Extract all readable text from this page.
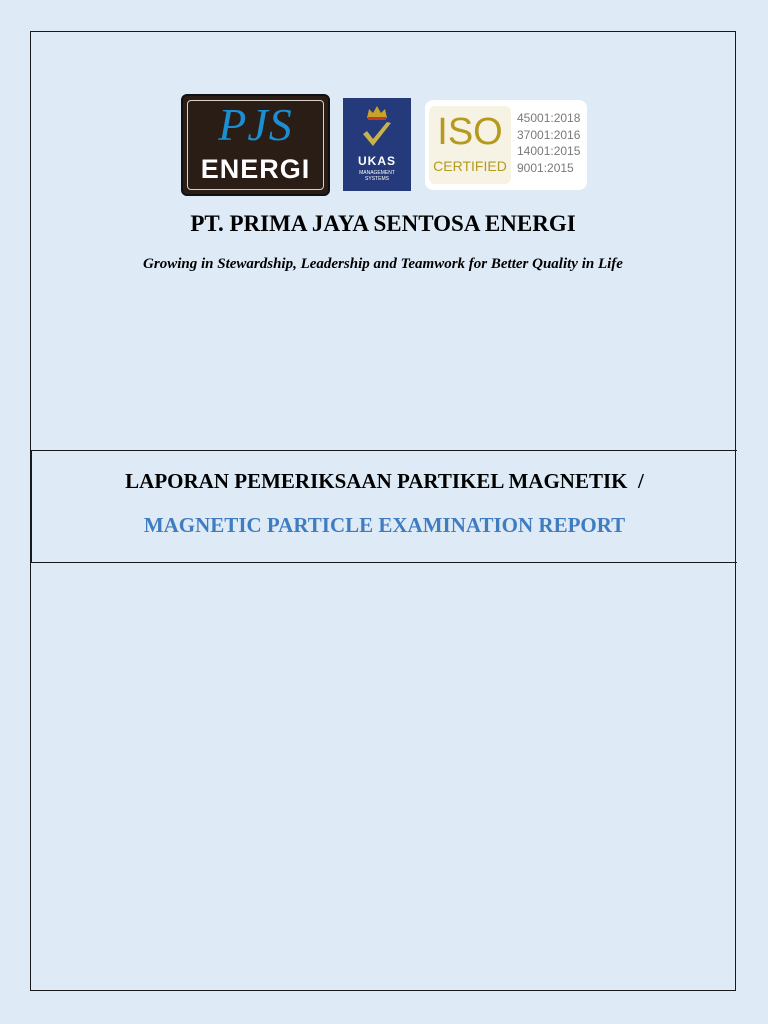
PJS
ENERGI	UKAS
MANAGEMENT
SYSTEMS
ISO
CERTIFIED
45001:2018
37001:2016
14001:2015
9001:2015
PT. PRIMA JAYA SENTOSA ENERGI
Growing in Stewardship, Leadership and Teamwork for Better Quality in Life
LAPORAN PEMERIKSAAN PARTIKEL MAGNETIK  /
MAGNETIC PARTICLE EXAMINATION REPORT
